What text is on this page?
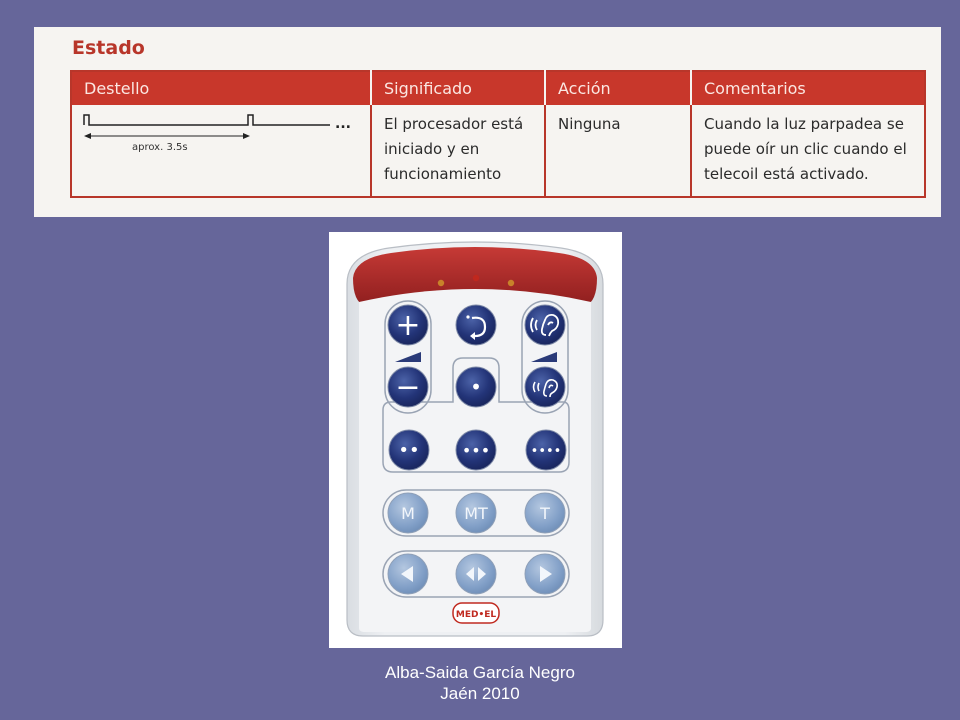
Estado
Destello	Significado	Acción	Comentarios

...
aprox. 3.5s	El procesador está iniciado y en funcionamiento	Ninguna	Cuando la luz parpadea se puede oír un clic cuando el telecoil está activado.
+
− •
••	•••	••••
M	MT	T
MED•EL
Alba-Saida García Negro
Jaén 2010
